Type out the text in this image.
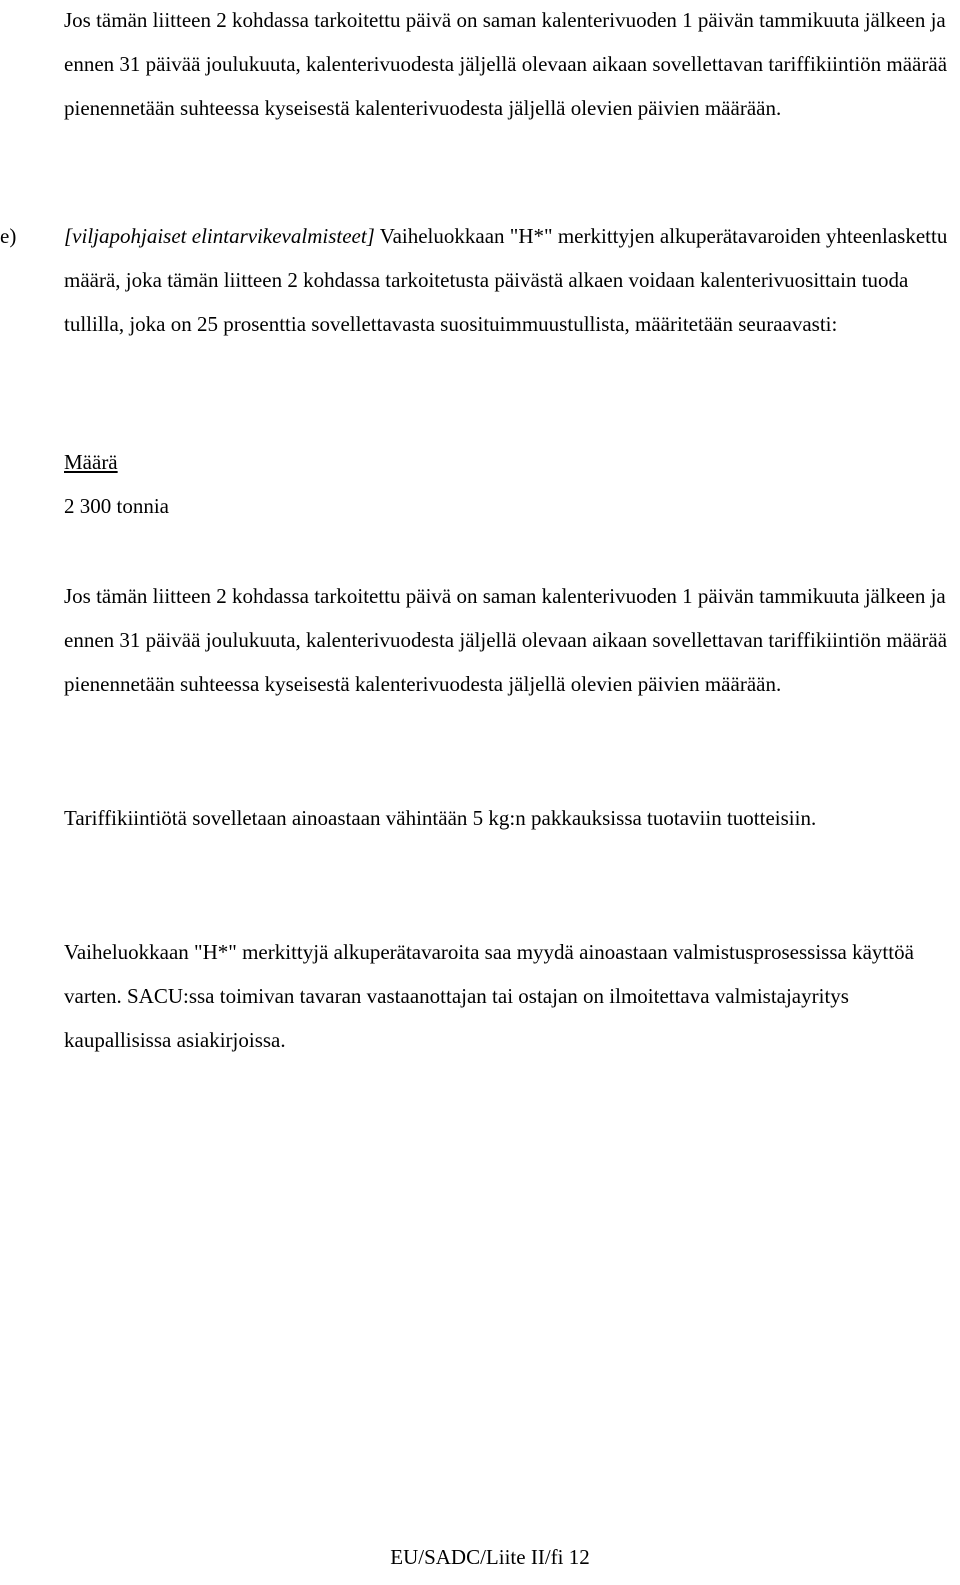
Jos tämän liitteen 2 kohdassa tarkoitettu päivä on saman kalenterivuoden 1 päivän tammikuuta jälkeen ja ennen 31 päivää joulukuuta, kalenterivuodesta jäljellä olevaan aikaan sovellettavan tariffikiintiön määrää pienennetään suhteessa kyseisestä kalenterivuodesta jäljellä olevien päivien määrään.

e) [viljapohjaiset elintarvikevalmisteet] Vaiheluokkaan "H*" merkittyjen alkuperätavaroiden yhteenlaskettu määrä, joka tämän liitteen 2 kohdassa tarkoitetusta päivästä alkaen voidaan kalenterivuosittain tuoda tullilla, joka on 25 prosenttia sovellettavasta suosituimmuustullista, määritetään seuraavasti:

Määrä

2 300 tonnia

Jos tämän liitteen 2 kohdassa tarkoitettu päivä on saman kalenterivuoden 1 päivän tammikuuta jälkeen ja ennen 31 päivää joulukuuta, kalenterivuodesta jäljellä olevaan aikaan sovellettavan tariffikiintiön määrää pienennetään suhteessa kyseisestä kalenterivuodesta jäljellä olevien päivien määrään.

Tariffikiintiötä sovelletaan ainoastaan vähintään 5 kg:n pakkauksissa tuotaviin tuotteisiin.

Vaiheluokkaan "H*" merkittyjä alkuperätavaroita saa myydä ainoastaan valmistusprosessissa käyttöä varten. SACU:ssa toimivan tavaran vastaanottajan tai ostajan on ilmoitettava valmistajayritys kaupallisissa asiakirjoissa.

EU/SADC/Liite II/fi 12
